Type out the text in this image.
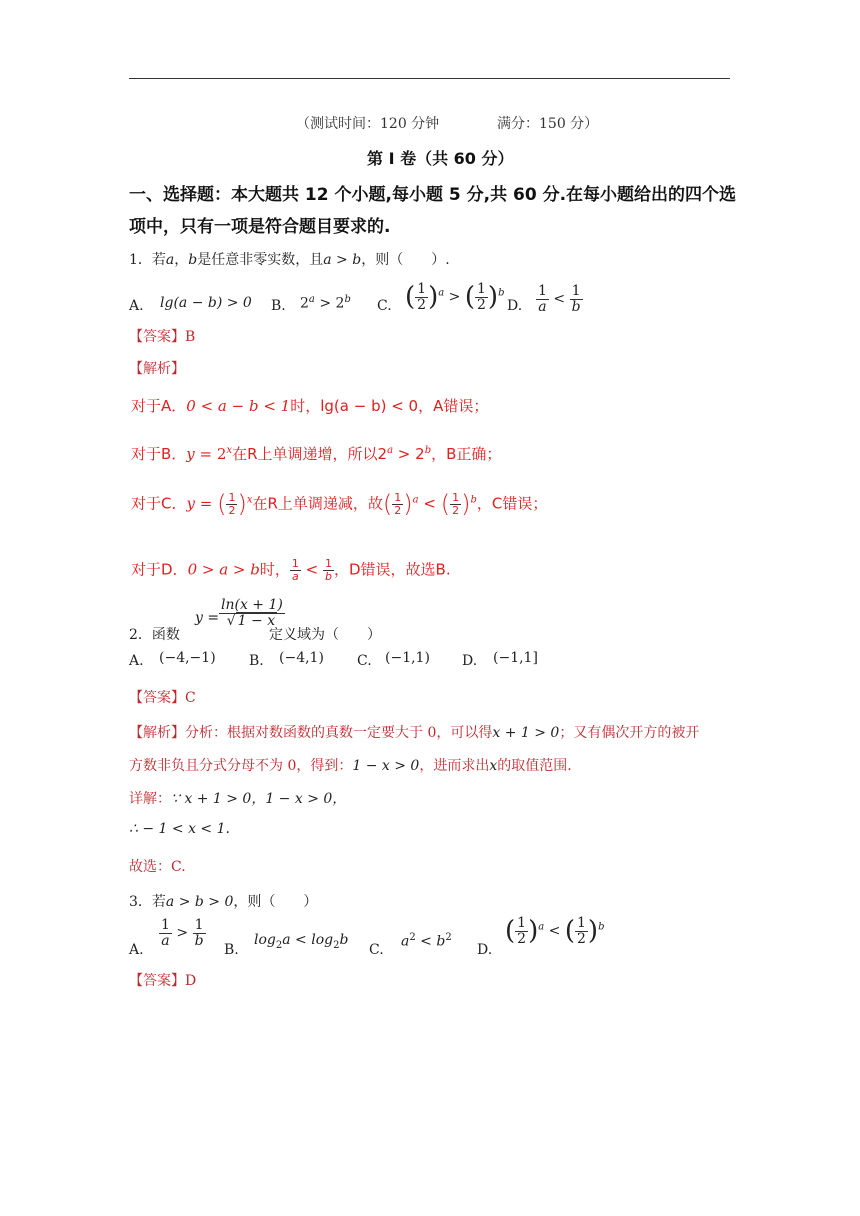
（测试时间：120 分钟	满分：150 分）
第 I 卷（共 60 分）
一、选择题：本大题共 12 个小题,每小题 5 分,共 60 分.在每小题给出的四个选
项中，只有一项是符合题目要求的.
1．若a，b是任意非零实数，且a > b，则（　　）.
A. lg(a − b) > 0 B. $2^a > 2^b$ C. ( $\frac{1}{2} )^a$ > ( $\frac{1}{2} )^b$
D. $\frac{1}{a} < \frac{1}{b}$
【答案】B
【解析】
对于A．0 < a − b < 1时，lg(a − b) < 0，A错误；
对于B．$y = 2^x$在R上单调递增，所以$2^a > 2^b$，B正确；
对于C．y = ( $\frac{1}{2} )^x$在R上单调递减，故( $\frac{1}{2} )^a$ < ( $\frac{1}{2} )^b$，C错误；
对于D．0 > a > b时， $\frac{1}{a} < \frac{1}{b}$ ，D错误，故选B.
2．函数
$y = \frac{\ln(x + 1)}{√ 1 - x}$
定义域为（　　）
A. (−4,−1) B. (−4,1) C. (−1,1) D. (−1,1]
【答案】C
【解析】分析：根据对数函数的真数一定要大于 0，可以得x + 1 > 0；又有偶次开方的被开
方数非负且分式分母不为 0，得到：1 − x > 0，进而求出x的取值范围.
详解：∵ x + 1 > 0，1 − x > 0，
∴ − 1 < x < 1.
故选：C.
3．若a > b > 0，则（　　）
A.
$\frac{1}{a} > \frac{1}{b}$
B.
$\log_2a < \log_2b$
C.
$a^2 < b^2$
D.
( $\frac{1}{2} )^a$ < ( $\frac{1}{2} )^b$
【答案】D
